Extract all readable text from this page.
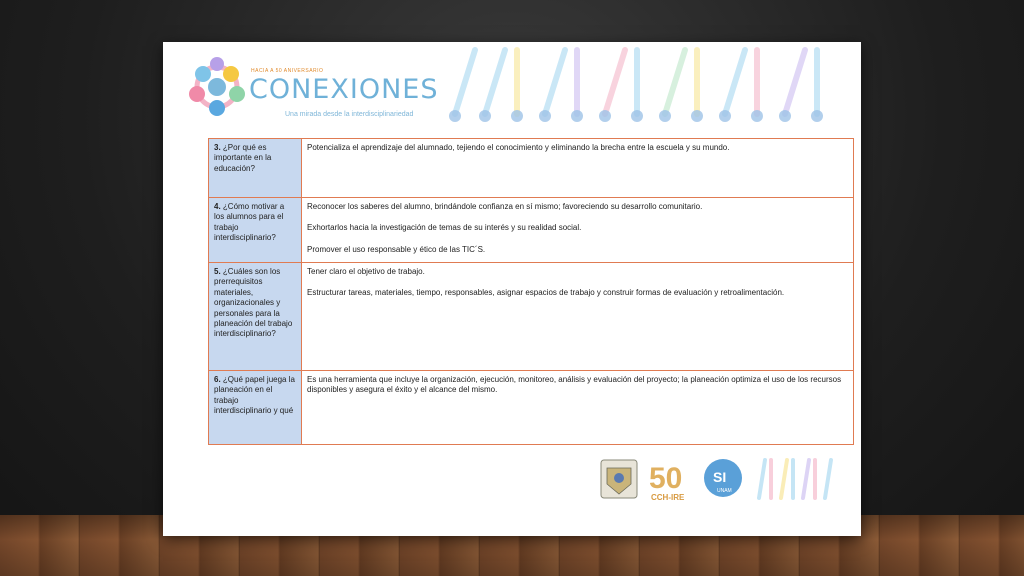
HACIA A 50 ANIVERSARIO
CONEXIONES
Una mirada desde la interdisciplinariedad
3. ¿Por qué es importante en la educación?	Potencializa el aprendizaje del alumnado, tejiendo el conocimiento y eliminando la brecha entre la escuela y su mundo.

4. ¿Cómo motivar a los alumnos para el trabajo interdisciplinario?	Reconocer los saberes del alumno, brindándole confianza en sí mismo; favoreciendo su desarrollo comunitario.

Exhortarlos hacia la investigación de temas de su interés y su realidad social.

Promover el uso responsable y ético de las TIC´S.

5. ¿Cuáles son los prerrequisitos materiales, organizacionales y personales para la planeación del trabajo interdisciplinario?	Tener claro el objetivo de trabajo.

Estructurar tareas, materiales, tiempo, responsables, asignar espacios de trabajo y construir formas de evaluación y retroalimentación.

6. ¿Qué papel juega la planeación en el trabajo interdisciplinario y qué	Es una herramienta que incluye la organización, ejecución, monitoreo, análisis y evaluación del proyecto; la planeación optimiza el uso de los recursos disponibles y asegura el éxito y el alcance del mismo.

50
CCH-IRE
SI
UNAM
